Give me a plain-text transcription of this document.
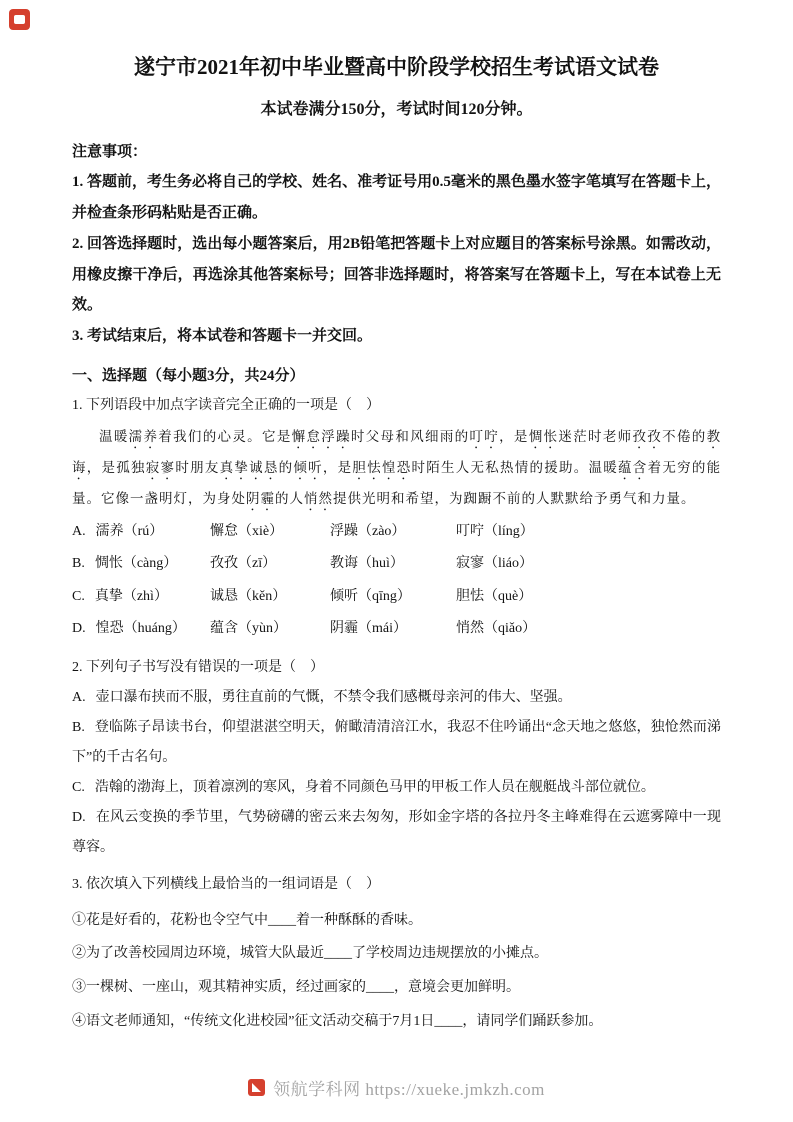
遂宁市2021年初中毕业暨高中阶段学校招生考试语文试卷
本试卷满分150分，考试时间120分钟。
注意事项：

1. 答题前，考生务必将自己的学校、姓名、准考证号用0.5毫米的黑色墨水签字笔填写在答题卡上，并检查条形码粘贴是否正确。

2. 回答选择题时，选出每小题答案后，用2B铅笔把答题卡上对应题目的答案标号涂黑。如需改动，用橡皮擦干净后，再选涂其他答案标号；回答非选择题时，将答案写在答题卡上，写在本试卷上无效。

3. 考试结束后，将本试卷和答题卡一并交回。

一、选择题（每小题3分，共24分）

1. 下列语段中加点字读音完全正确的一项是（　）

温暖濡养着我们的心灵。它是懈怠浮躁时父母和风细雨的叮咛，是惆怅迷茫时老师孜孜不倦的教诲，是孤独寂寥时朋友真挚诚恳的倾听，是胆怯惶恐时陌生人无私热情的援助。温暖蕴含着无穷的能量。它像一盏明灯，为身处阴霾的人悄然提供光明和希望，为踟蹰不前的人默默给予勇气和力量。

A. 濡养（rú）	懈怠（xiè）	浮躁（zào）	叮咛（líng）
B. 惆怅（càng）	孜孜（zī）	教诲（huì）	寂寥（liáo）
C. 真挚（zhì）	诚恳（kěn）	倾听（qīng）	胆怯（què）
D. 惶恐（huáng）	蕴含（yùn）	阴霾（mái）	悄然（qiǎo）

2. 下列句子书写没有错误的一项是（　）

A. 壶口瀑布挟而不服，勇往直前的气慨，不禁令我们感概母亲河的伟大、坚强。

B. 登临陈子昂读书台，仰望湛湛空明天，俯瞰清清涪江水，我忍不住吟诵出“念天地之悠悠，独怆然而涕下”的千古名句。

C. 浩翰的渤海上，顶着凛洌的寒风，身着不同颜色马甲的甲板工作人员在舰艇战斗部位就位。

D. 在风云变换的季节里，气势磅礴的密云来去匆匆，形如金字塔的各拉丹冬主峰难得在云遮雾障中一现尊容。

3. 依次填入下列横线上最恰当的一组词语是（　）

①花是好看的，花粉也令空气中____着一种酥酥的香味。

②为了改善校园周边环境，城管大队最近____了学校周边违规摆放的小摊点。

③一棵树、一座山，观其精神实质，经过画家的____，意境会更加鲜明。

④语文老师通知，“传统文化进校园”征文活动交稿于7月1日____，请同学们踊跃参加。

领航学科网 https://xueke.jmkzh.com
